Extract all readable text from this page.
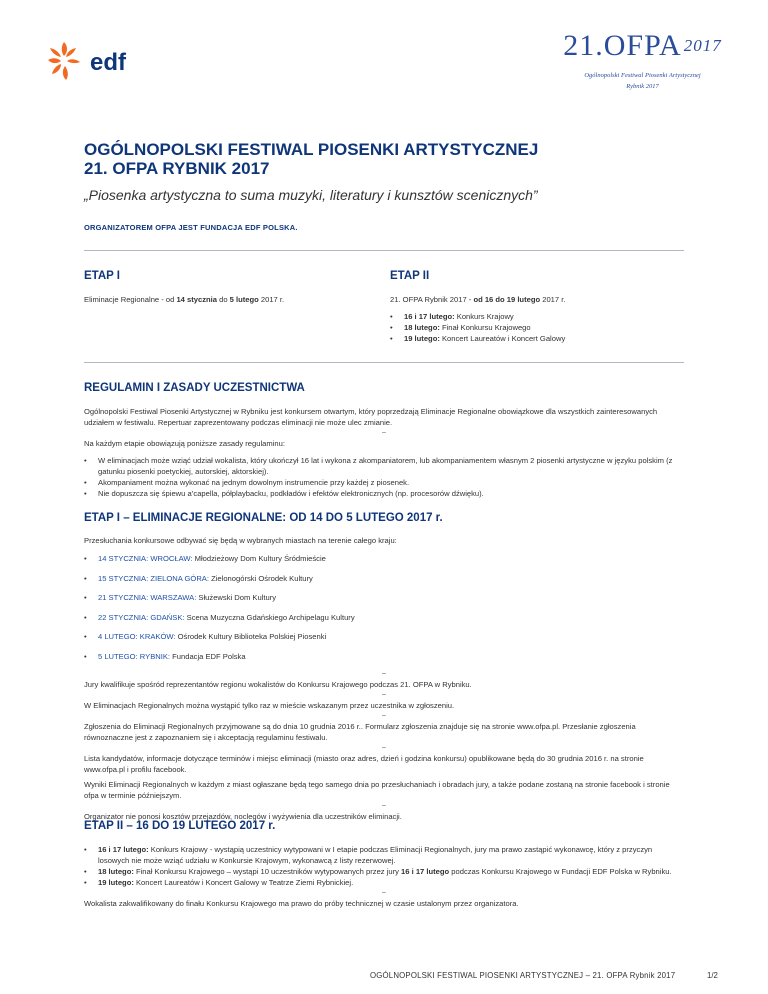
edf
21.OFPA $^{2017}$
Ogólnopolski Festiwal Piosenki Artystycznej
Rybnik 2017
OGÓLNOPOLSKI FESTIWAL PIOSENKI ARTYSTYCZNEJ
21. OFPA RYBNIK 2017
„Piosenka artystyczna to suma muzyki, literatury i kunsztów scenicznych”
ORGANIZATOREM OFPA JEST FUNDACJA EDF POLSKA.
ETAP I
Eliminacje Regionalne - od 14 stycznia do 5 lutego 2017 r.
ETAP II
21. OFPA Rybnik 2017 - od 16 do 19 lutego 2017 r.
• 16 i 17 lutego: Konkurs Krajowy
• 18 lutego: Finał Konkursu Krajowego
• 19 lutego: Koncert Laureatów i Koncert Galowy
REGULAMIN I ZASADY UCZESTNICTWA
Ogólnopolski Festiwal Piosenki Artystycznej w Rybniku jest konkursem otwartym, który poprzedzają Eliminacje Regionalne obowiązkowe dla wszystkich zainteresowanych udziałem w festiwalu. Repertuar zaprezentowany podczas eliminacji nie może ulec zmianie.
–
Na każdym etapie obowiązują poniższe zasady regulaminu:
• W eliminacjach może wziąć udział wokalista, który ukończył 16 lat i wykona z akompaniatorem, lub akompaniamentem własnym 2 piosenki artystyczne w języku polskim (z gatunku piosenki poetyckiej, autorskiej, aktorskiej).
• Akompaniament można wykonać na jednym dowolnym instrumencie przy każdej z piosenek.
• Nie dopuszcza się śpiewu a’capella, półplaybacku, podkładów i efektów elektronicznych (np. procesorów dźwięku).
ETAP I – ELIMINACJE REGIONALNE: OD 14 DO 5 LUTEGO 2017 r.
Przesłuchania konkursowe odbywać się będą w wybranych miastach na terenie całego kraju:
• 14 STYCZNIA: WROCŁAW: Młodzieżowy Dom Kultury Śródmieście
• 15 STYCZNIA: ZIELONA GÓRA: Zielonogórski Ośrodek Kultury
• 21 STYCZNIA: WARSZAWA: Służewski Dom Kultury
• 22 STYCZNIA: GDAŃSK: Scena Muzyczna Gdańskiego Archipelagu Kultury
• 4 LUTEGO: KRAKÓW: Ośrodek Kultury Biblioteka Polskiej Piosenki
• 5 LUTEGO: RYBNIK: Fundacja EDF Polska
–
Jury kwalifikuje spośród reprezentantów regionu wokalistów do Konkursu Krajowego podczas 21. OFPA w Rybniku.
–
W Eliminacjach Regionalnych można wystąpić tylko raz w mieście wskazanym przez uczestnika w zgłoszeniu.
–
Zgłoszenia do Eliminacji Regionalnych przyjmowane są do dnia 10 grudnia 2016 r.. Formularz zgłoszenia znajduje się na stronie www.ofpa.pl. Przesłanie zgłoszenia równoznaczne jest z zapoznaniem się i akceptacją regulaminu festiwalu.
–
Lista kandydatów, informacje dotyczące terminów i miejsc eliminacji (miasto oraz adres, dzień i godzina konkursu) opublikowane będą do 30 grudnia 2016 r. na stronie www.ofpa.pl i profilu facebook.
Wyniki Eliminacji Regionalnych w każdym z miast ogłaszane będą tego samego dnia po przesłuchaniach i obradach jury, a także podane zostaną na stronie facebook i stronie ofpa w terminie późniejszym.
–
Organizator nie ponosi kosztów przejazdów, noclegów i wyżywienia dla uczestników eliminacji.
ETAP II – 16 DO 19 LUTEGO 2017 r.
• 16 i 17 lutego: Konkurs Krajowy - wystąpią uczestnicy wytypowani w I etapie podczas Eliminacji Regionalnych, jury ma prawo zastąpić wykonawcę, który z przyczyn losowych nie może wziąć udziału w Konkursie Krajowym, wykonawcą z listy rezerwowej.
• 18 lutego: Finał Konkursu Krajowego – wystąpi 10 uczestników wytypowanych przez jury 16 i 17 lutego podczas Konkursu Krajowego w Fundacji EDF Polska w Rybniku.
• 19 lutego: Koncert Laureatów i Koncert Galowy w Teatrze Ziemi Rybnickiej.
–
Wokalista zakwalifikowany do finału Konkursu Krajowego ma prawo do próby technicznej w czasie ustalonym przez organizatora.
OGÓLNOPOLSKI FESTIWAL PIOSENKI ARTYSTYCZNEJ – 21. OFPA Rybnik 2017	1/2
